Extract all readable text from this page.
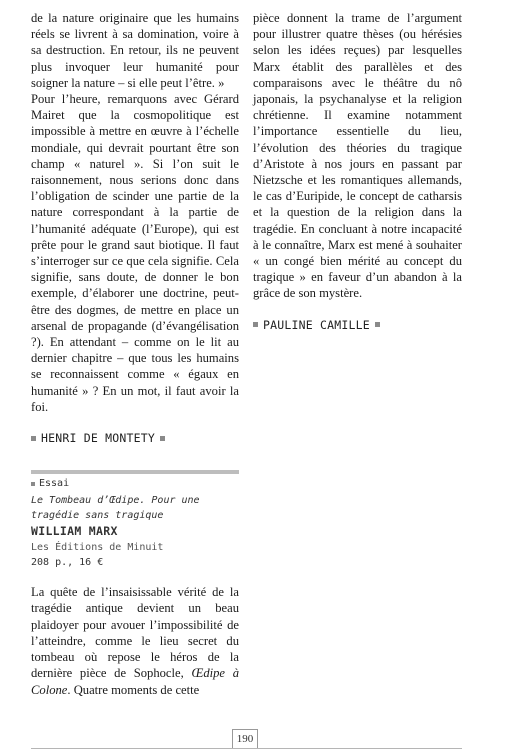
de la nature originaire que les humains réels se livrent à sa domination, voire à sa destruction. En retour, ils ne peuvent plus invoquer leur humanité pour soigner la nature – si elle peut l’être. »

Pour l’heure, remarquons avec Gérard Mairet que la cosmopolitique est impossible à mettre en œuvre à l’échelle mondiale, qui devrait pourtant être son champ « naturel ». Si l’on suit le raisonnement, nous serions donc dans l’obligation de scinder une partie de la nature correspondant à la partie de l’humanité adéquate (l’Europe), qui est prête pour le grand saut biotique. Il faut s’interroger sur ce que cela signifie. Cela signifie, sans doute, de donner le bon exemple, d’élaborer une doctrine, peut-être des dogmes, de mettre en place un arsenal de propagande (d’évangélisation ?). En attendant – comme on le lit au dernier chapitre – que tous les humains se reconnaissent comme « égaux en humanité » ? En un mot, il faut avoir la foi.

HENRI DE MONTETY
Essai
Le Tombeau d’Œdipe. Pour une tragédie sans tragique
WILLIAM MARX
Les Éditions de Minuit
208 p., 16 €

La quête de l’insaisissable vérité de la tragédie antique devient un beau plaidoyer pour avouer l’impossibilité de l’atteindre, comme le lieu secret du tombeau où repose le héros de la dernière pièce de Sophocle, Œdipe à Colone. Quatre moments de cette

pièce donnent la trame de l’argument pour illustrer quatre thèses (ou hérésies selon les idées reçues) par lesquelles Marx établit des parallèles et des comparaisons avec le théâtre du nô japonais, la psychanalyse et la religion chrétienne. Il examine notamment l’importance essentielle du lieu, l’évolution des théories du tragique d’Aristote à nos jours en passant par Nietzsche et les romantiques allemands, le cas d’Euripide, le concept de catharsis et la question de la religion dans la tragédie. En concluant à notre incapacité à le connaître, Marx est mené à souhaiter « un congé bien mérité au concept du tragique » en faveur d’un abandon à la grâce de son mystère.

PAULINE CAMILLE
190
